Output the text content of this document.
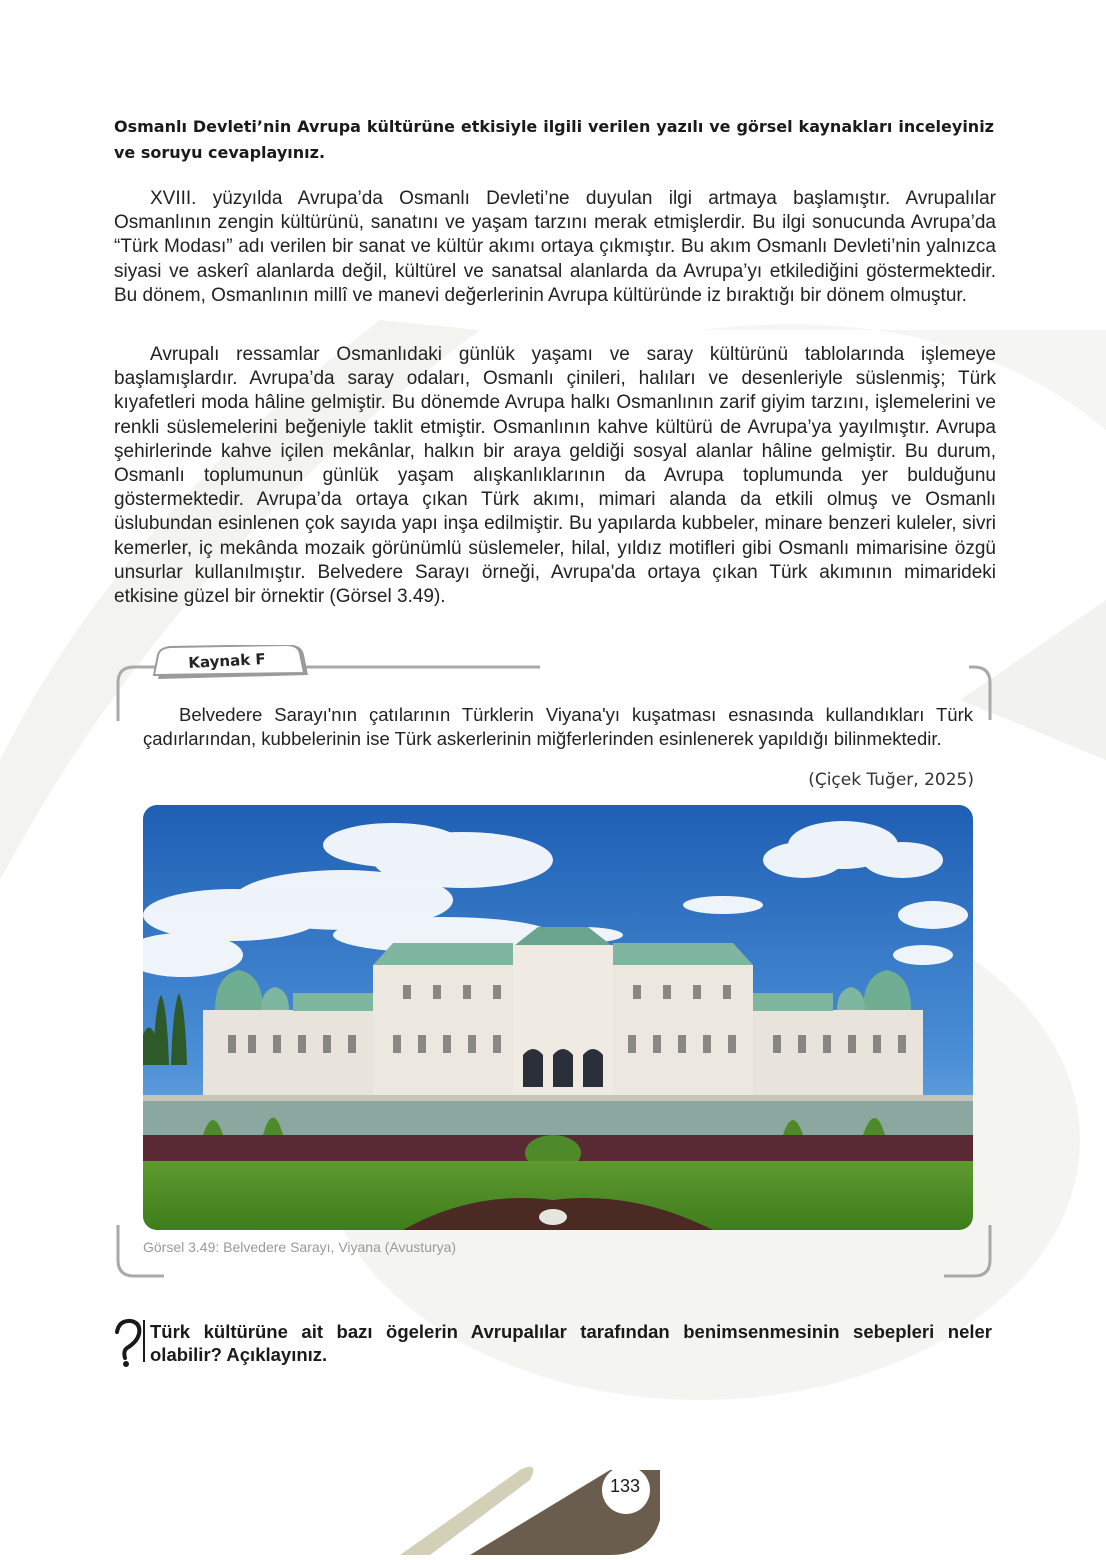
Osmanlı Devleti’nin Avrupa kültürüne etkisiyle ilgili verilen yazılı ve görsel kaynakları inceleyiniz ve soruyu cevaplayınız.

XVIII. yüzyılda Avrupa’da Osmanlı Devleti’ne duyulan ilgi artmaya başlamıştır. Avrupalılar Osmanlının zengin kültürünü, sanatını ve yaşam tarzını merak etmişlerdir. Bu ilgi sonucunda Avrupa’da “Türk Modası” adı verilen bir sanat ve kültür akımı ortaya çıkmıştır. Bu akım Osmanlı Devleti’nin yalnızca siyasi ve askerî alanlarda değil, kültürel ve sanatsal alanlarda da Avrupa’yı etkilediğini göstermektedir. Bu dönem, Osmanlının millî ve manevi değerlerinin Avrupa kültüründe iz bıraktığı bir dönem olmuştur.

Avrupalı ressamlar Osmanlıdaki günlük yaşamı ve saray kültürünü tablolarında işlemeye başlamışlardır. Avrupa’da saray odaları, Osmanlı çinileri, halıları ve desenleriyle süslenmiş; Türk kıyafetleri moda hâline gelmiştir. Bu dönemde Avrupa halkı Osmanlının zarif giyim tarzını, işlemelerini ve renkli süslemelerini beğeniyle taklit etmiştir. Osmanlının kahve kültürü de Avrupa’ya yayılmıştır. Avrupa şehirlerinde kahve içilen mekânlar, halkın bir araya geldiği sosyal alanlar hâline gelmiştir. Bu durum, Osmanlı toplumunun günlük yaşam alışkanlıklarının da Avrupa toplumunda yer bulduğunu göstermektedir. Avrupa’da ortaya çıkan Türk akımı, mimari alanda da etkili olmuş ve Osmanlı üslubundan esinlenen çok sayıda yapı inşa edilmiştir. Bu yapılarda kubbeler, minare benzeri kuleler, sivri kemerler, iç mekânda mozaik görünümlü süslemeler, hilal, yıldız motifleri gibi Osmanlı mimarisine özgü unsurlar kullanılmıştır. Belvedere Sarayı örneği, Avrupa'da ortaya çıkan Türk akımının mimarideki etkisine güzel bir örnektir (Görsel 3.49).

Kaynak F

Belvedere Sarayı'nın çatılarının Türklerin Viyana'yı kuşatması esnasında kullandıkları Türk çadırlarından, kubbelerinin ise Türk askerlerinin miğferlerinden esinlenerek yapıldığı bilinmektedir.

(Çiçek Tuğer, 2025)
Görsel 3.49: Belvedere Sarayı, Viyana (Avusturya)
Türk kültürüne ait bazı ögelerin Avrupalılar tarafından benimsenmesinin sebepleri neler olabilir? Açıklayınız.
133
